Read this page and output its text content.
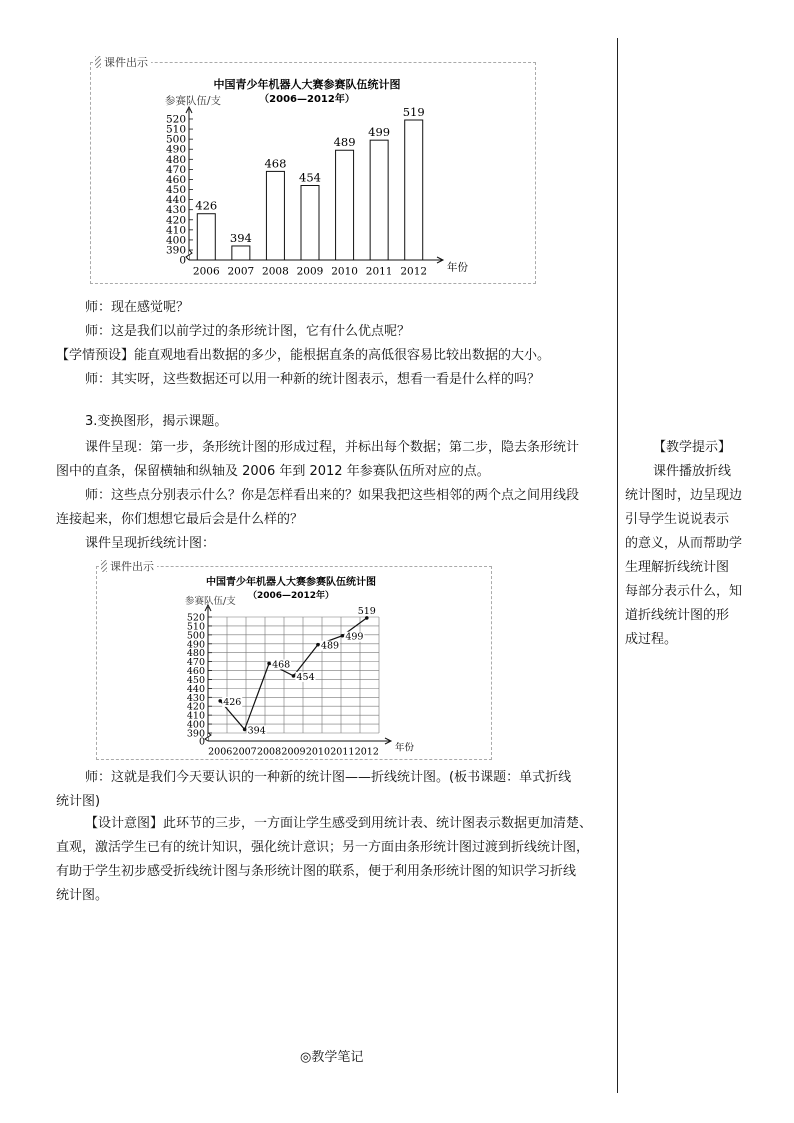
课件出示
中国青少年机器人大赛参赛队伍统计图
（2006—2012年）
参赛队伍/支
0
390
400
410
420
430
440
450
460
470
480
490
500
510
520
年份
2006 2007 2008 2009 2010 2011 2012
426
394
468
454
489
499
519
师：现在感觉呢？
师：这是我们以前学过的条形统计图，它有什么优点呢？
【学情预设】能直观地看出数据的多少，能根据直条的高低很容易比较出数据的大小。
师：其实呀，这些数据还可以用一种新的统计图表示，想看一看是什么样的吗？
3.变换图形，揭示课题。
课件呈现：第一步，条形统计图的形成过程，并标出每个数据；第二步，隐去条形统计
图中的直条，保留横轴和纵轴及 2006 年到 2012 年参赛队伍所对应的点。
师：这些点分别表示什么？你是怎样看出来的？如果我把这些相邻的两个点之间用线段
连接起来，你们想想它最后会是什么样的？
课件呈现折线统计图：
课件出示
中国青少年机器人大赛参赛队伍统计图
（2006—2012年）
参赛队伍/支
0
390
400
410
420
430
440
450
460
470
480
490
500
510
520
年份
2006 2007 2008 2009 2010 2011 2012
426
394
468
454
489
499
519
师：这就是我们今天要认识的一种新的统计图——折线统计图。(板书课题：单式折线
统计图)
【设计意图】此环节的三步，一方面让学生感受到用统计表、统计图表示数据更加清楚、
直观，激活学生已有的统计知识，强化统计意识；另一方面由条形统计图过渡到折线统计图，
有助于学生初步感受折线统计图与条形统计图的联系，便于利用条形统计图的知识学习折线
统计图。
◎教学笔记
【教学提示】
课件播放折线
统计图时，边呈现边
引导学生说说表示
的意义，从而帮助学
生理解折线统计图
每部分表示什么，知
道折线统计图的形
成过程。
